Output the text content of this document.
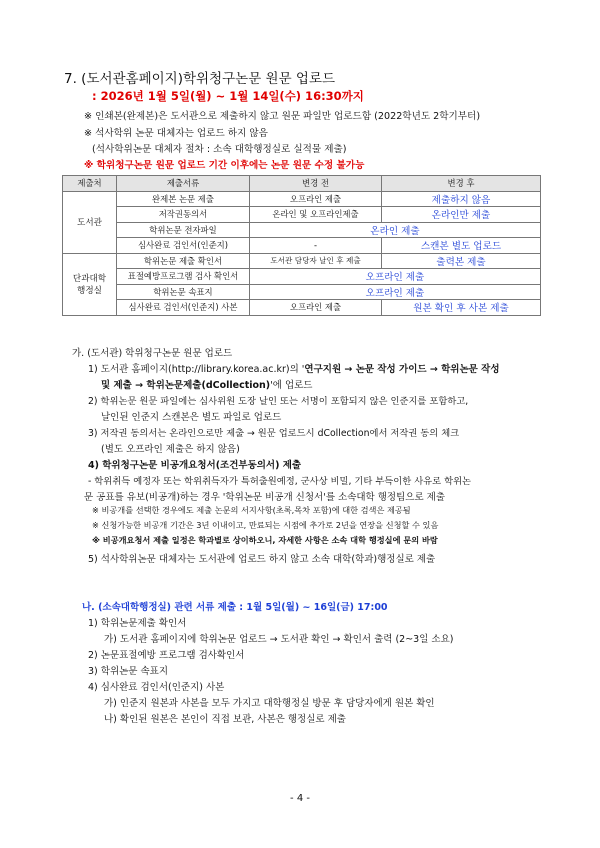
7. (도서관홈페이지)학위청구논문 원문 업로드
: 2026년 1월 5일(월) ~ 1월 14일(수) 16:30까지
※ 인쇄본(완제본)은 도서관으로 제출하지 않고 원문 파일만 업로드함 (2022학년도 2학기부터)
※ 석사학위 논문 대체자는 업로드 하지 않음
(석사학위논문 대체자 절차 : 소속 대학행정실로 실적물 제출)
※ 학위청구논문 원문 업로드 기간 이후에는 논문 원문 수정 불가능
제출처	제출서류	변경 전	변경 후
도서관	완제본 논문 제출	오프라인 제출	제출하지 않음
	저작권동의서	온라인 및 오프라인제출	온라인만 제출
	학위논문 전자파일	온라인 제출	
	심사완료 검인서(인준지)	-	스캔본 별도 업로드
단과대학
행정실	학위논문 제출 확인서	도서관 담당자 날인 후 제출	출력본 제출
	표절예방프로그램 검사 확인서	오프라인 제출	
	학위논문 속표지	오프라인 제출	
	심사완료 검인서(인준지) 사본	오프라인 제출	원본 확인 후 사본 제출
가. (도서관) 학위청구논문 원문 업로드
1) 도서관 홈페이지(http://library.korea.ac.kr)의 '연구지원 → 논문 작성 가이드 → 학위논문 작성
및 제출 → 학위논문제출(dCollection)'에 업로드
2) 학위논문 원문 파일에는 심사위원 도장 날인 또는 서명이 포함되지 않은 인준지를 포함하고,
날인된 인준지 스캔본은 별도 파일로 업로드
3) 저작권 동의서는 온라인으로만 제출 → 원문 업로드시 dCollection에서 저작권 동의 체크
(별도 오프라인 제출은 하지 않음)
4) 학위청구논문 비공개요청서(조건부동의서) 제출
- 학위취득 예정자 또는 학위취득자가 특허출원예정, 군사상 비밀, 기타 부득이한 사유로 학위논
문 공표를 유보(비공개)하는 경우 '학위논문 비공개 신청서'를 소속대학 행정팀으로 제출
※ 비공개를 선택한 경우에도 제출 논문의 서지사항(초록,목차 포함)에 대한 검색은 제공됨
※ 신청가능한 비공개 기간은 3년 이내이고, 만료되는 시점에 추가로 2년을 연장을 신청할 수 있음
※ 비공개요청서 제출 일정은 학과별로 상이하오니, 자세한 사항은 소속 대학 행정실에 문의 바람
5) 석사학위논문 대체자는 도서관에 업로드 하지 않고 소속 대학(학과)행정실로 제출
나. (소속대학행정실) 관련 서류 제출 : 1월 5일(월) ~ 16일(금) 17:00
1) 학위논문제출 확인서
가) 도서관 홈페이지에 학위논문 업로드 → 도서관 확인 → 확인서 출력 (2~3일 소요)
2) 논문표절예방 프로그램 검사확인서
3) 학위논문 속표지
4) 심사완료 검인서(인준지) 사본
가) 인준지 원본과 사본을 모두 가지고 대학행정실 방문 후 담당자에게 원본 확인
나) 확인된 원본은 본인이 직접 보관, 사본은 행정실로 제출
- 4 -
